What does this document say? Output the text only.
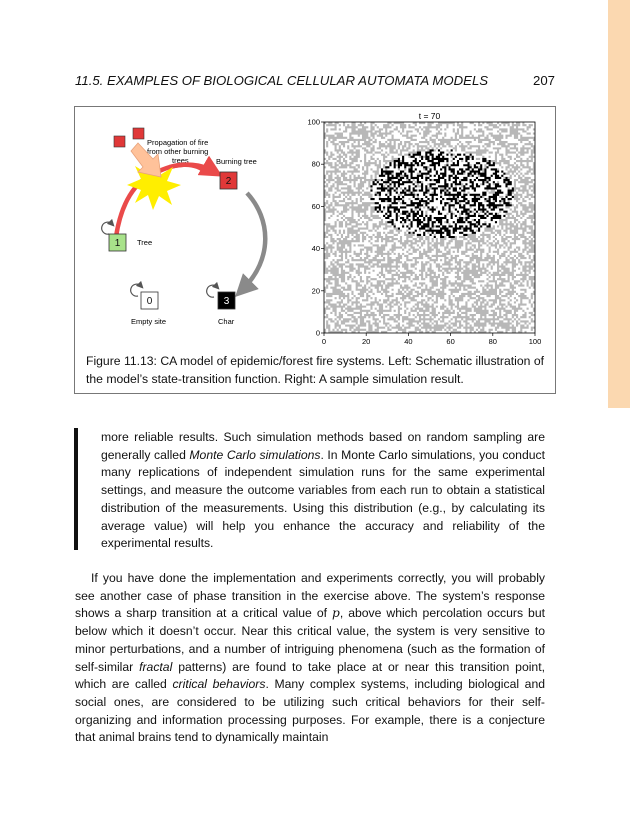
11.5. EXAMPLES OF BIOLOGICAL CELLULAR AUTOMATA MODELS	207
Propagation of fire from other burning trees
1 Tree
2
Burning tree
0
Empty site
3
Char
t = 70
0	20	40	60	80	100
0
20
40
60
80
100
Figure 11.13: CA model of epidemic/forest fire systems. Left: Schematic illustration of the model’s state-transition function. Right: A sample simulation result.
more reliable results. Such simulation methods based on random sampling are generally called Monte Carlo simulations. In Monte Carlo simulations, you conduct many replications of independent simulation runs for the same experimental settings, and measure the outcome variables from each run to obtain a statistical distribution of the measurements. Using this distribution (e.g., by calculating its average value) will help you enhance the accuracy and reliability of the experimental results.
If you have done the implementation and experiments correctly, you will probably see another case of phase transition in the exercise above. The system’s response shows a sharp transition at a critical value of p, above which percolation occurs but below which it doesn’t occur. Near this critical value, the system is very sensitive to minor perturbations, and a number of intriguing phenomena (such as the formation of self-similar fractal patterns) are found to take place at or near this transition point, which are called critical behaviors. Many complex systems, including biological and social ones, are considered to be utilizing such critical behaviors for their self-organizing and information processing purposes. For example, there is a conjecture that animal brains tend to dynamically maintain
